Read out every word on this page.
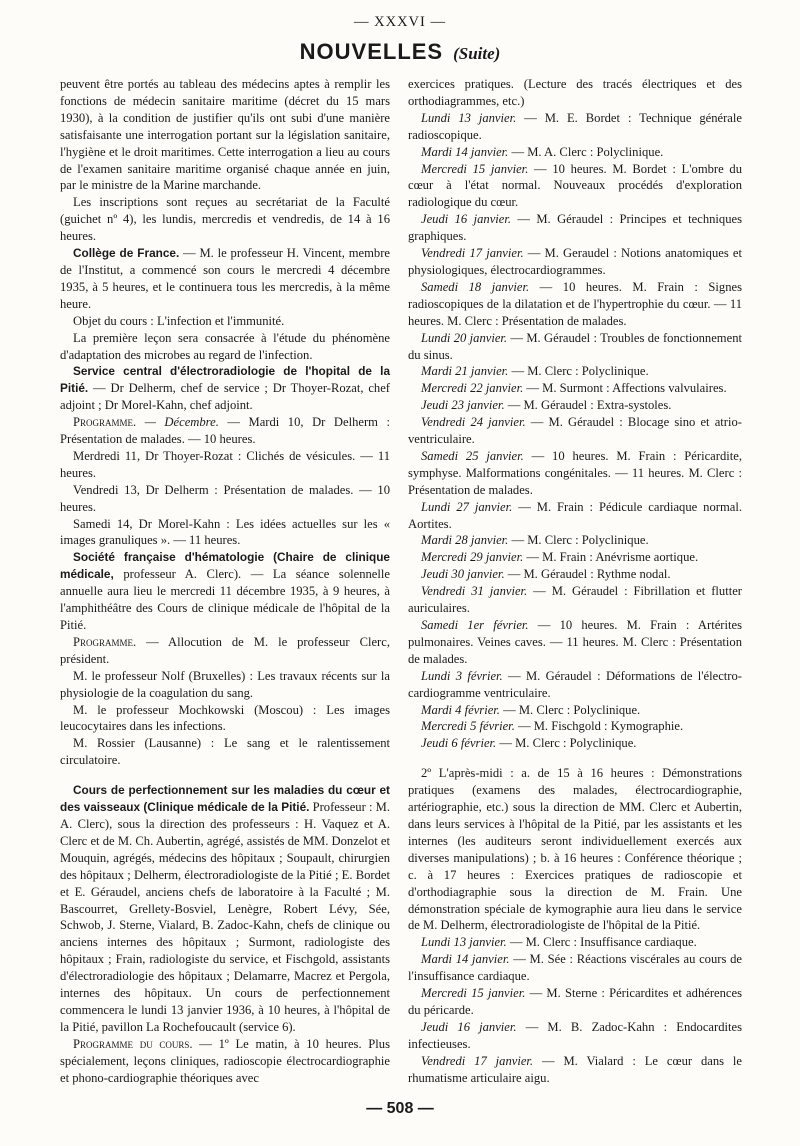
— XXXVI —
NOUVELLES (Suite)

peuvent être portés au tableau des médecins aptes à remplir les fonctions de médecin sanitaire maritime (décret du 15 mars 1930), à la condition de justifier qu'ils ont subi d'une manière satisfaisante une interrogation portant sur la législation sanitaire, l'hygiène et le droit maritimes. Cette interrogation a lieu au cours de l'examen sanitaire maritime organisé chaque année en juin, par le ministre de la Marine marchande.

Les inscriptions sont reçues au secrétariat de la Faculté (guichet nº 4), les lundis, mercredis et vendredis, de 14 à 16 heures.

Collège de France. — M. le professeur H. Vincent, membre de l'Institut, a commencé son cours le mercredi 4 décembre 1935, à 5 heures, et le continuera tous les mercredis, à la même heure.

Objet du cours : L'infection et l'immunité.

La première leçon sera consacrée à l'étude du phénomène d'adaptation des microbes au regard de l'infection.

Service central d'électroradiologie de l'hopital de la Pitié. — Dr Delherm, chef de service ; Dr Thoyer-Rozat, chef adjoint ; Dr Morel-Kahn, chef adjoint.

Programme. — Décembre. — Mardi 10, Dr Delherm : Présentation de malades. — 10 heures.

Merdredi 11, Dr Thoyer-Rozat : Clichés de vésicules. — 11 heures.

Vendredi 13, Dr Delherm : Présentation de malades. — 10 heures.

Samedi 14, Dr Morel-Kahn : Les idées actuelles sur les « images granuliques ». — 11 heures.

Société française d'hématologie (Chaire de clinique médicale, professeur A. Clerc). — La séance solennelle annuelle aura lieu le mercredi 11 décembre 1935, à 9 heures, à l'amphithéâtre des Cours de clinique médicale de l'hôpital de la Pitié.

Programme. — Allocution de M. le professeur Clerc, président.

M. le professeur Nolf (Bruxelles) : Les travaux récents sur la physiologie de la coagulation du sang.

M. le professeur Mochkowski (Moscou) : Les images leucocytaires dans les infections.

M. Rossier (Lausanne) : Le sang et le ralentissement circulatoire.

Cours de perfectionnement sur les maladies du cœur et des vaisseaux (Clinique médicale de la Pitié. Professeur : M. A. Clerc), sous la direction des professeurs : H. Vaquez et A. Clerc et de M. Ch. Aubertin, agrégé, assistés de MM. Donzelot et Mouquin, agrégés, médecins des hôpitaux ; Soupault, chirurgien des hôpitaux ; Delherm, électroradiologiste de la Pitié ; E. Bordet et E. Géraudel, anciens chefs de laboratoire à la Faculté ; M. Bascourret, Grellety-Bosviel, Lenègre, Robert Lévy, Sée, Schwob, J. Sterne, Vialard, B. Zadoc-Kahn, chefs de clinique ou anciens internes des hôpitaux ; Surmont, radiologiste des hôpitaux ; Frain, radiologiste du service, et Fischgold, assistants d'électroradiologie des hôpitaux ; Delamarre, Macrez et Pergola, internes des hôpitaux. Un cours de perfectionnement commencera le lundi 13 janvier 1936, à 10 heures, à l'hôpital de la Pitié, pavillon La Rochefoucault (service 6).

Programme du cours. — 1º Le matin, à 10 heures. Plus spécialement, leçons cliniques, radioscopie électrocardiographie et phono-cardiographie théoriques avec

exercices pratiques. (Lecture des tracés électriques et des orthodiagrammes, etc.)

Lundi 13 janvier. — M. E. Bordet : Technique générale radioscopique.

Mardi 14 janvier. — M. A. Clerc : Polyclinique.

Mercredi 15 janvier. — 10 heures. M. Bordet : L'ombre du cœur à l'état normal. Nouveaux procédés d'exploration radiologique du cœur.

Jeudi 16 janvier. — M. Géraudel : Principes et techniques graphiques.

Vendredi 17 janvier. — M. Geraudel : Notions anatomiques et physiologiques, électrocardiogrammes.

Samedi 18 janvier. — 10 heures. M. Frain : Signes radioscopiques de la dilatation et de l'hypertrophie du cœur. — 11 heures. M. Clerc : Présentation de malades.

Lundi 20 janvier. — M. Géraudel : Troubles de fonctionnement du sinus.

Mardi 21 janvier. — M. Clerc : Polyclinique.

Mercredi 22 janvier. — M. Surmont : Affections valvulaires.

Jeudi 23 janvier. — M. Géraudel : Extra-systoles.

Vendredi 24 janvier. — M. Géraudel : Blocage sino et atrio-ventriculaire.

Samedi 25 janvier. — 10 heures. M. Frain : Péricardite, symphyse. Malformations congénitales. — 11 heures. M. Clerc : Présentation de malades.

Lundi 27 janvier. — M. Frain : Pédicule cardiaque normal. Aortites.

Mardi 28 janvier. — M. Clerc : Polyclinique.

Mercredi 29 janvier. — M. Frain : Anévrisme aortique.

Jeudi 30 janvier. — M. Géraudel : Rythme nodal.

Vendredi 31 janvier. — M. Géraudel : Fibrillation et flutter auriculaires.

Samedi 1er février. — 10 heures. M. Frain : Artérites pulmonaires. Veines caves. — 11 heures. M. Clerc : Présentation de malades.

Lundi 3 février. — M. Géraudel : Déformations de l'électro-cardiogramme ventriculaire.

Mardi 4 février. — M. Clerc : Polyclinique.

Mercredi 5 février. — M. Fischgold : Kymographie.

Jeudi 6 février. — M. Clerc : Polyclinique.

2º L'après-midi : a. de 15 à 16 heures : Démonstrations pratiques (examens des malades, électrocardiographie, artériographie, etc.) sous la direction de MM. Clerc et Aubertin, dans leurs services à l'hôpital de la Pitié, par les assistants et les internes (les auditeurs seront individuellement exercés aux diverses manipulations) ; b. à 16 heures : Conférence théorique ; c. à 17 heures : Exercices pratiques de radioscopie et d'orthodiagraphie sous la direction de M. Frain. Une démonstration spéciale de kymographie aura lieu dans le service de M. Delherm, électroradiologiste de l'hôpital de la Pitié.

Lundi 13 janvier. — M. Clerc : Insuffisance cardiaque.

Mardi 14 janvier. — M. Sée : Réactions viscérales au cours de l'insuffisance cardiaque.

Mercredi 15 janvier. — M. Sterne : Péricardites et adhérences du péricarde.

Jeudi 16 janvier. — M. B. Zadoc-Kahn : Endocardites infectieuses.

Vendredi 17 janvier. — M. Vialard : Le cœur dans le rhumatisme articulaire aigu.

— 508 —
